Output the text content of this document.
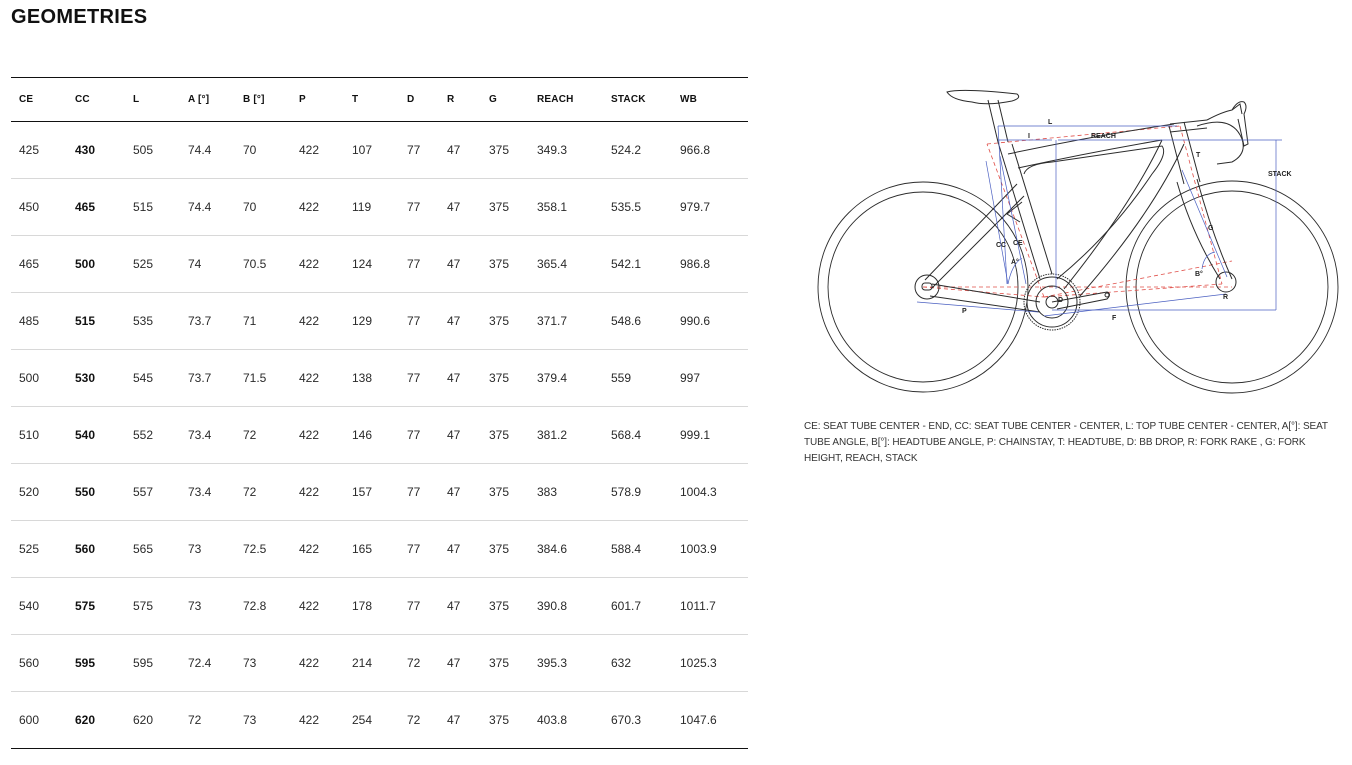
GEOMETRIES
CE	CC	L	A [°]	B [°]	P	T	D	R	G	REACH	STACK	WB
425	430	505	74.4	70	422	107	77	47	375	349.3	524.2	966.8
450	465	515	74.4	70	422	119	77	47	375	358.1	535.5	979.7
465	500	525	74	70.5	422	124	77	47	375	365.4	542.1	986.8
485	515	535	73.7	71	422	129	77	47	375	371.7	548.6	990.6
500	530	545	73.7	71.5	422	138	77	47	375	379.4	559	997
510	540	552	73.4	72	422	146	77	47	375	381.2	568.4	999.1
520	550	557	73.4	72	422	157	77	47	375	383	578.9	1004.3
525	560	565	73	72.5	422	165	77	47	375	384.6	588.4	1003.9
540	575	575	73	72.8	422	178	77	47	375	390.8	601.7	1011.7
560	595	595	72.4	73	422	214	72	47	375	395.3	632	1025.3
600	620	620	72	73	422	254	72	47	375	403.8	670.3	1047.6
L
I	REACH
STACK
T
G
CC CE
A°
B°
D
P
F
R

CE: SEAT TUBE CENTER - END, CC: SEAT TUBE CENTER - CENTER, L: TOP TUBE CENTER - CENTER, A[°]: SEAT TUBE ANGLE, B[°]: HEADTUBE ANGLE, P: CHAINSTAY, T: HEADTUBE, D: BB DROP, R: FORK RAKE , G: FORK HEIGHT, REACH, STACK
